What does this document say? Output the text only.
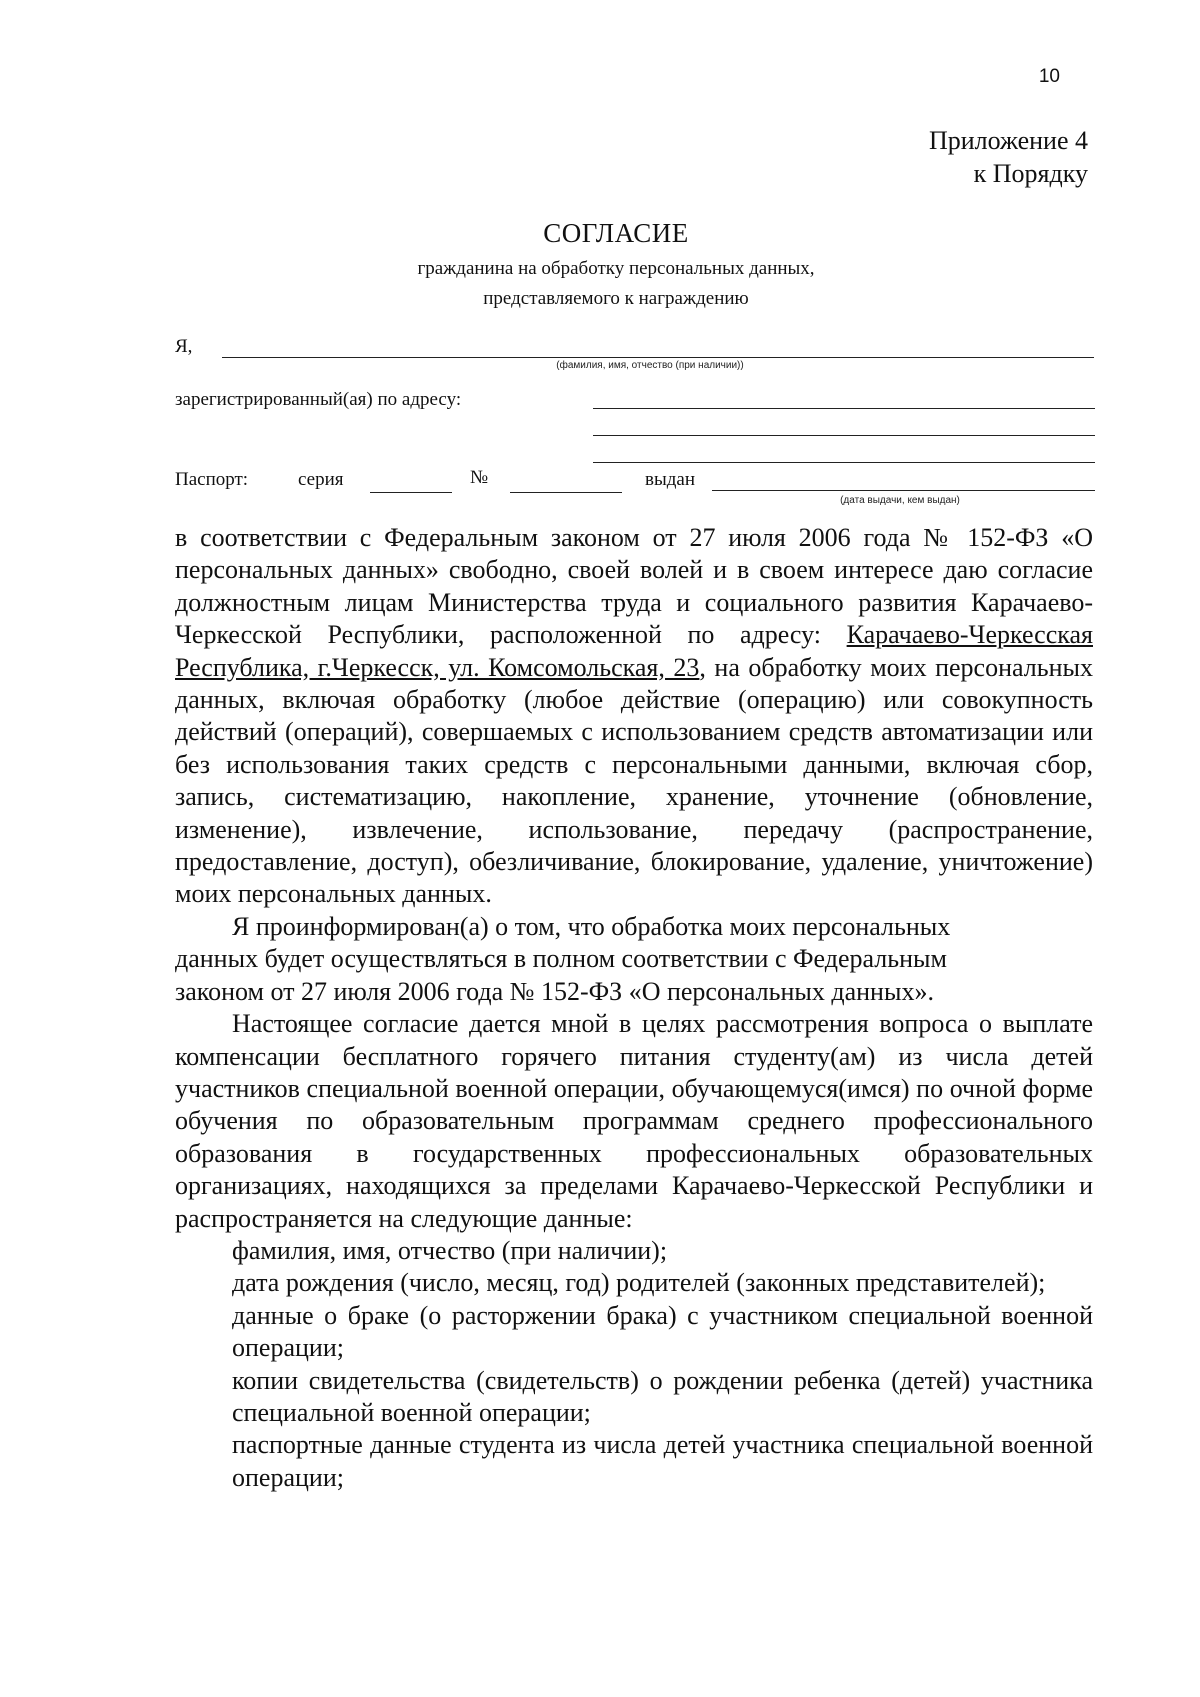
10
Приложение 4
к Порядку
СОГЛАСИЕ
гражданина на обработку персональных данных,
представляемого к награждению
Я,
(фамилия, имя, отчество (при наличии))
зарегистрированный(ая) по адресу:
Паспорт:	серия	№	выдан
(дата выдачи, кем выдан)

в соответствии с Федеральным законом от 27 июля 2006 года № 152-ФЗ «О персональных данных» свободно, своей волей и в своем интересе даю согласие должностным лицам Министерства труда и социального развития Карачаево-Черкесской Республики, расположенной по адресу: Карачаево-Черкесская Республика, г.Черкесск, ул. Комсомольская, 23, на обработку моих персональных данных, включая обработку (любое действие (операцию) или совокупность действий (операций), совершаемых с использованием средств автоматизации или без использования таких средств с персональными данными, включая сбор, запись, систематизацию, накопление, хранение, уточнение (обновление, изменение), извлечение, использование, передачу (распространение, предоставление, доступ), обезличивание, блокирование, удаление, уничтожение) моих персональных данных.

Я проинформирован(а) о том, что обработка моих персональных данных будет осуществляться в полном соответствии с Федеральным законом от 27 июля 2006 года № 152-ФЗ «О персональных данных».

Настоящее согласие дается мной в целях рассмотрения вопроса о выплате компенсации бесплатного горячего питания студенту(ам) из числа детей участников специальной военной операции, обучающемуся(имся) по очной форме обучения по образовательным программам среднего профессионального образования в государственных профессиональных образовательных организациях, находящихся за пределами Карачаево-Черкесской Республики и распространяется на следующие данные:

фамилия, имя, отчество (при наличии);

дата рождения (число, месяц, год) родителей (законных представителей);

данные о браке (о расторжении брака) с участником специальной военной операции;

копии свидетельства (свидетельств) о рождении ребенка (детей) участника специальной военной операции;

паспортные данные студента из числа детей участника специальной военной операции;
